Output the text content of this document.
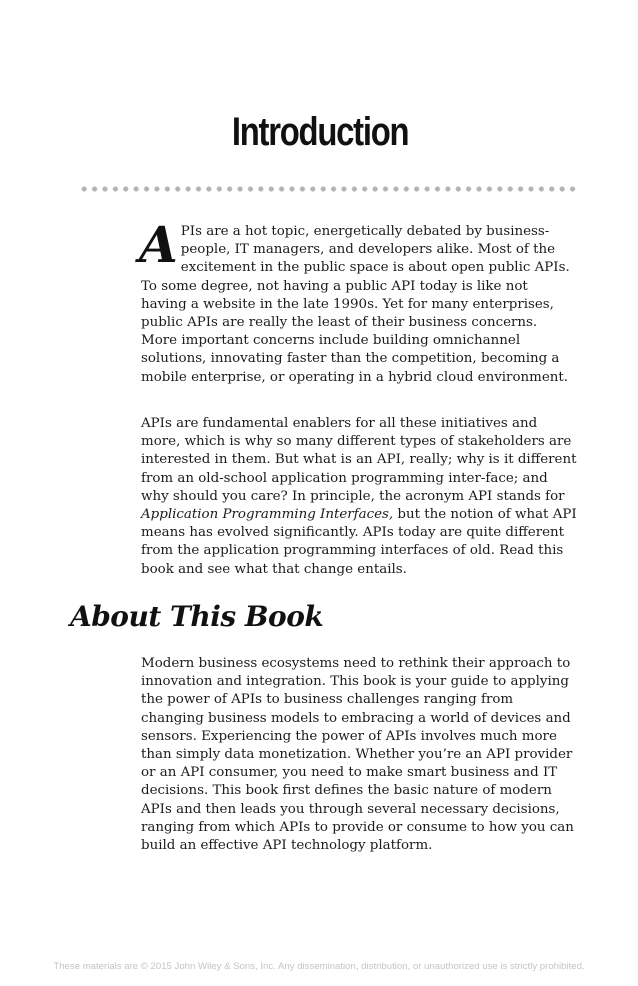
Introduction

A PIs are a hot topic, energetically debated by business-people, IT managers, and developers alike. Most of the excitement in the public space is about open public APIs. To some degree, not having a public API today is like not having a website in the late 1990s. Yet for many enterprises, public APIs are really the least of their business concerns. More important concerns include building omnichannel solutions, innovating faster than the competition, becoming a mobile enterprise, or operating in a hybrid cloud environment.

APIs are fundamental enablers for all these initiatives and more, which is why so many different types of stakeholders are interested in them. But what is an API, really; why is it different from an old-school application programming inter-face; and why should you care? In principle, the acronym API stands for Application Programming Interfaces, but the notion of what API means has evolved significantly. APIs today are quite different from the application programming interfaces of old. Read this book and see what that change entails.

About This Book

Modern business ecosystems need to rethink their approach to innovation and integration. This book is your guide to applying the power of APIs to business challenges ranging from changing business models to embracing a world of devices and sensors. Experiencing the power of APIs involves much more than simply data monetization. Whether you’re an API provider or an API consumer, you need to make smart business and IT decisions. This book first defines the basic nature of modern APIs and then leads you through several necessary decisions, ranging from which APIs to provide or consume to how you can build an effective API technology platform.

These materials are © 2015 John Wiley & Sons, Inc. Any dissemination, distribution, or unauthorized use is strictly prohibited.
